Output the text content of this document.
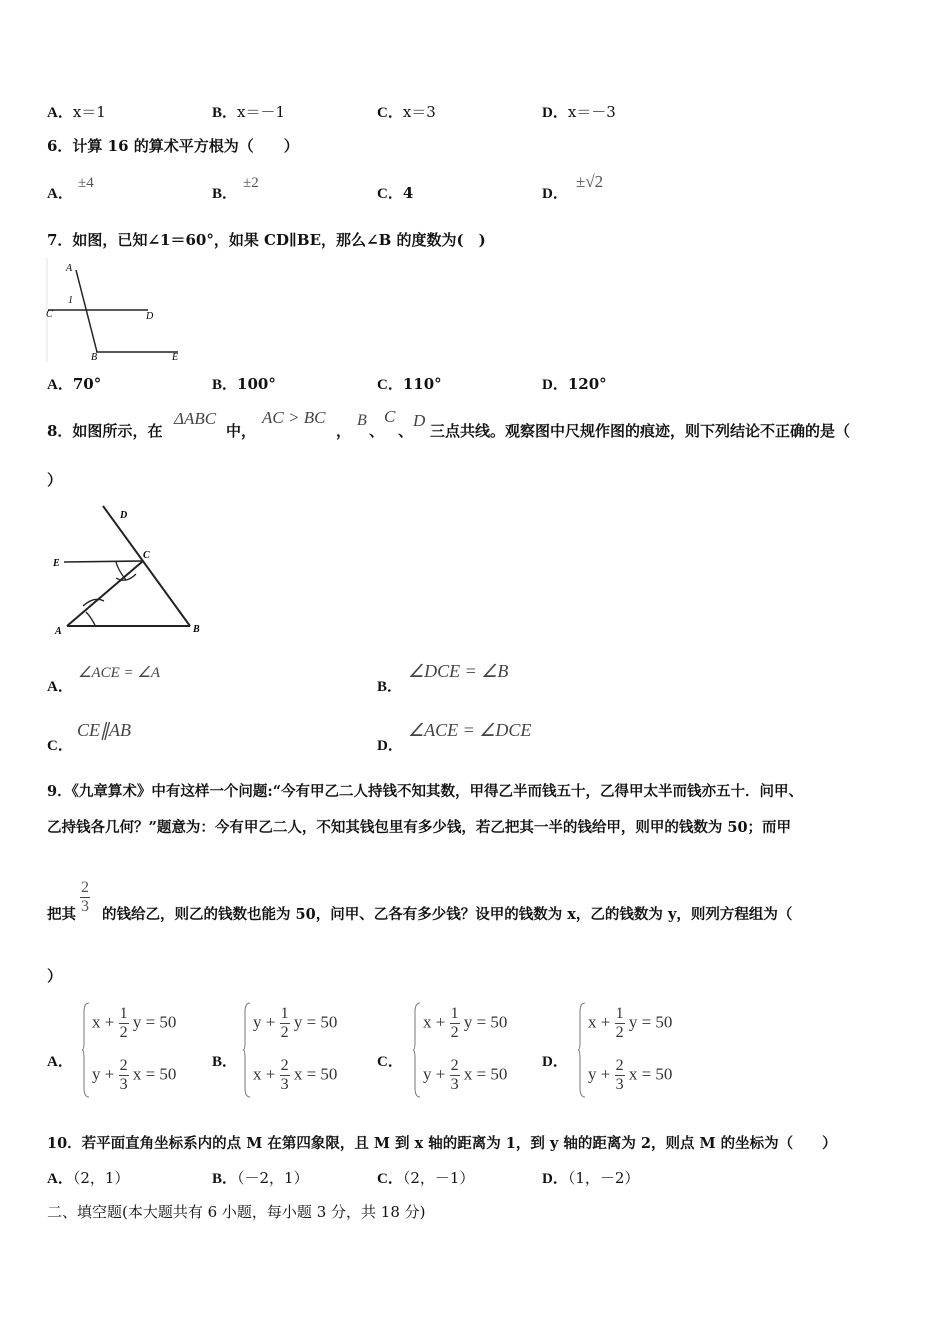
A．x＝1	B．x＝－1	C．x＝3	D．x＝－3
6．计算 16 的算术平方根为（　　）
A．
±4
B．
±2
C．4	D．
±√2
7．如图，已知∠1＝60°，如果 CD∥BE，那么∠B 的度数为(　)
A
1
C	D
B	E
A．70°	B．100°	C．110°	D．120°
8．如图所示，在
ΔABC
中，
AC > BC
，
B
、
C
、
D
三点共线。观察图中尺规作图的痕迹，则下列结论不正确的是（
）
D
E
C
A	B
A．
∠ACE = ∠A
B．
∠DCE = ∠B
C．
CE∥AB
D．
∠ACE = ∠DCE
9．《九章算术》中有这样一个问题:“今有甲乙二人持钱不知其数，甲得乙半而钱五十，乙得甲太半而钱亦五十．问甲、
乙持钱各几何？”题意为：今有甲乙二人，不知其钱包里有多少钱，若乙把其一半的钱给甲，则甲的钱数为 50；而甲
把其 $\frac{2}{3}$ 的钱给乙，则乙的钱数也能为 50，问甲、乙各有多少钱？设甲的钱数为 x，乙的钱数为 y，则列方程组为（
）
A．
$x + \frac{1}{2}$ y = 50
$y + \frac{2}{3}$ x = 50
B．
$y + \frac{1}{2}$ y = 50
$x + \frac{2}{3}$ x = 50
C．
$x + \frac{1}{2}$ y = 50
$y + \frac{2}{3}$ x = 50
D．
$x + \frac{1}{2}$ y = 50
$y + \frac{2}{3}$ x = 50
10．若平面直角坐标系内的点 M 在第四象限，且 M 到 x 轴的距离为 1，到 y 轴的距离为 2，则点 M 的坐标为（　　）
A．（2，1）	B．（－2，1）	C．（2，－1）	D．（1，－2）
二、填空题(本大题共有 6 小题，每小题 3 分，共 18 分)
